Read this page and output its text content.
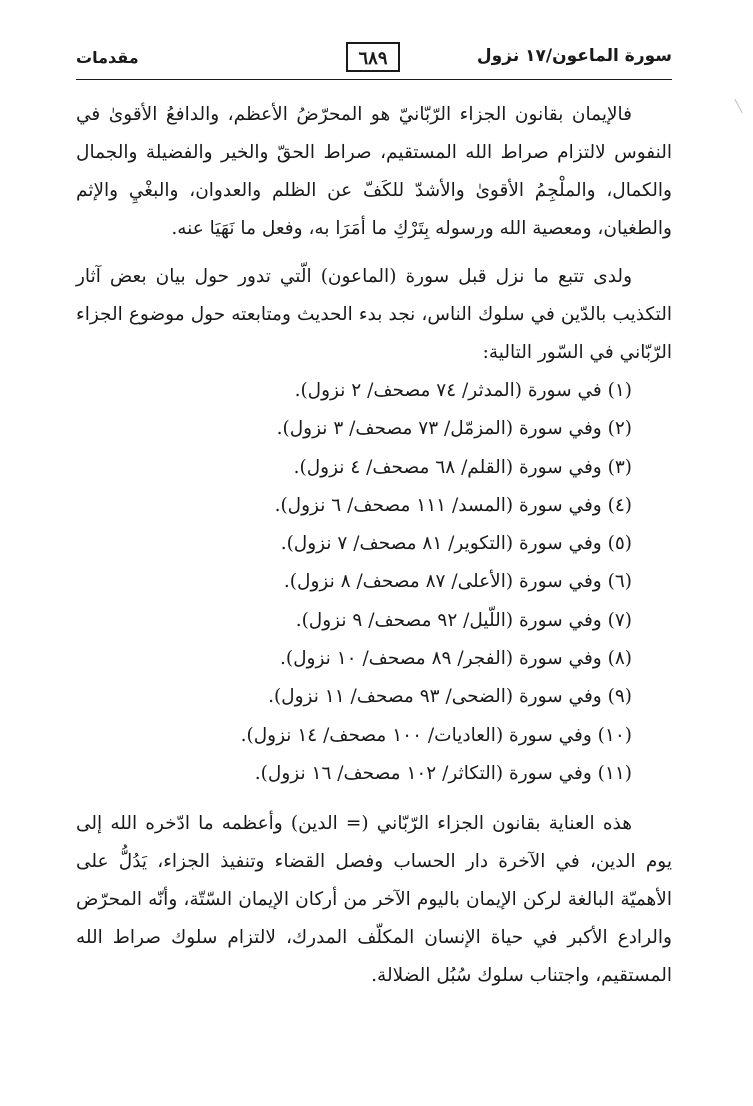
سورة الماعون/١٧ نزول
٦٨٩
مقدمات

فالإيمان بقانون الجزاء الرّبّانيّ هو المحرّضُ الأعظم، والدافعُ الأقوىٰ في النفوس لالتزام صراط الله المستقيم، صراط الحقّ والخير والفضيلة والجمال والكمال، والملْجِمُ الأقوىٰ والأشدّ للكَفّ عن الظلم والعدوان، والبغْيِ والإثم والطغيان، ومعصية الله ورسوله بِتَرْكِ ما أمَرَا به، وفعل ما نَهَيَا عنه.

ولدى تتبع ما نزل قبل سورة (الماعون) الّتي تدور حول بيان بعض آثار التكذيب بالدّين في سلوك الناس، نجد بدء الحديث ومتابعته حول موضوع الجزاء الرّبّاني في السّور التالية:

(١) في سورة (المدثر/ ٧٤ مصحف/ ٢ نزول).
(٢) وفي سورة (المزمّل/ ٧٣ مصحف/ ٣ نزول).
(٣) وفي سورة (القلم/ ٦٨ مصحف/ ٤ نزول).
(٤) وفي سورة (المسد/ ١١١ مصحف/ ٦ نزول).
(٥) وفي سورة (التكوير/ ٨١ مصحف/ ٧ نزول).
(٦) وفي سورة (الأعلى/ ٨٧ مصحف/ ٨ نزول).
(٧) وفي سورة (اللّيل/ ٩٢ مصحف/ ٩ نزول).
(٨) وفي سورة (الفجر/ ٨٩ مصحف/ ١٠ نزول).
(٩) وفي سورة (الضحى/ ٩٣ مصحف/ ١١ نزول).
(١٠) وفي سورة (العاديات/ ١٠٠ مصحف/ ١٤ نزول).
(١١) وفي سورة (التكاثر/ ١٠٢ مصحف/ ١٦ نزول).

هذه العناية بقانون الجزاء الرّبّاني (= الدين) وأعظمه ما ادّخره الله إلى يوم الدين، في الآخرة دار الحساب وفصل القضاء وتنفيذ الجزاء، يَدُلُّ على الأهميّة البالغة لركن الإيمان باليوم الآخر من أركان الإيمان السّتّة، وأنّه المحرّض والرادع الأكبر في حياة الإنسان المكلّف المدرك، لالتزام سلوك صراط الله المستقيم، واجتناب سلوك سُبُل الضلالة.
